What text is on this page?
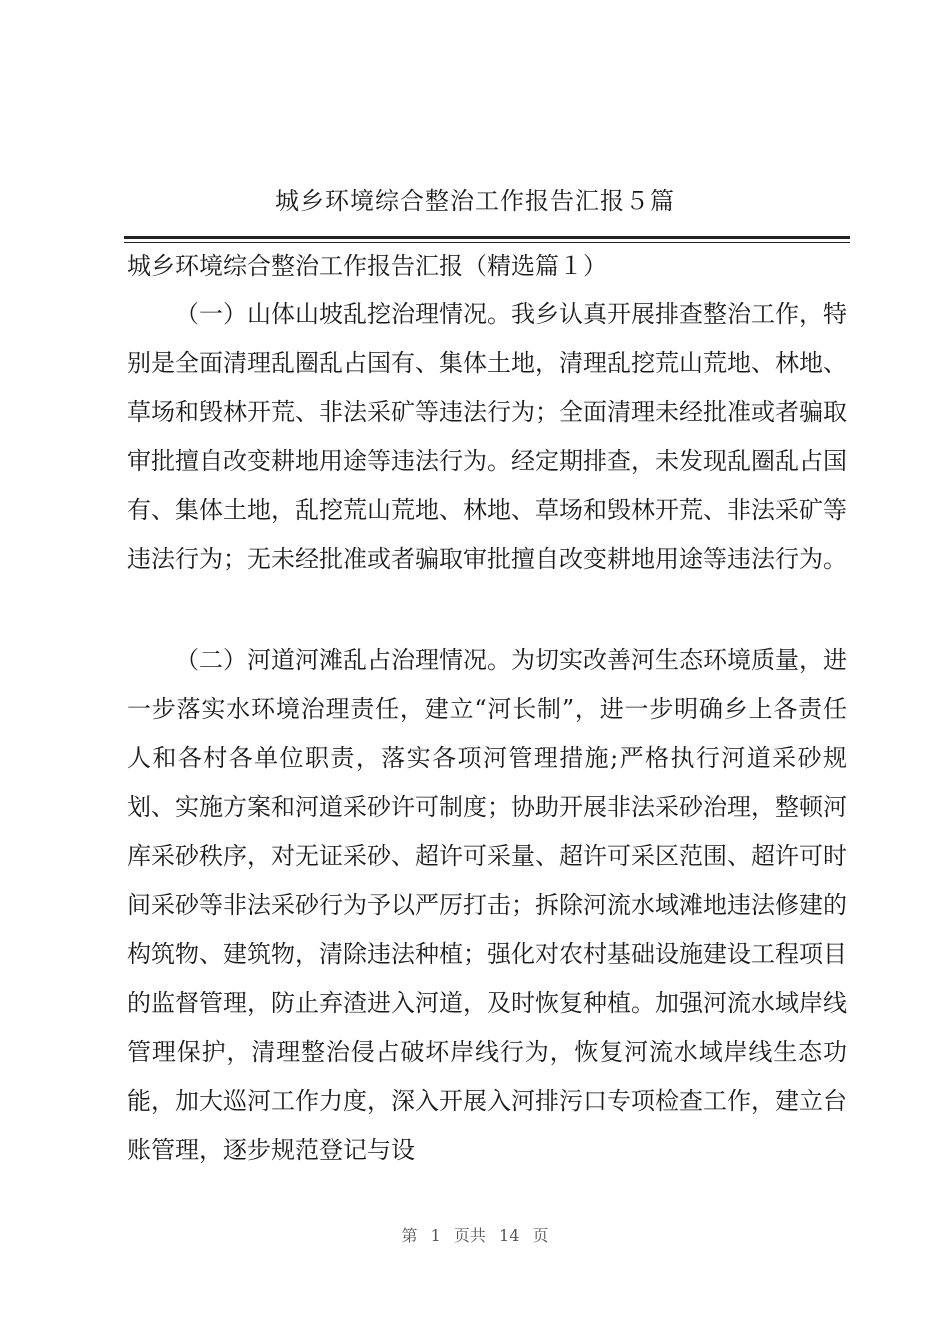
城乡环境综合整治工作报告汇报５篇
城乡环境综合整治工作报告汇报（精选篇１）

（一）山体山坡乱挖治理情况。我乡认真开展排查整治工作，特别是全面清理乱圈乱占国有、集体土地，清理乱挖荒山荒地、林地、草场和毁林开荒、非法采矿等违法行为；全面清理未经批准或者骗取审批擅自改变耕地用途等违法行为。经定期排查，未发现乱圈乱占国有、集体土地，乱挖荒山荒地、林地、草场和毁林开荒、非法采矿等违法行为；无未经批准或者骗取审批擅自改变耕地用途等违法行为。

（二）河道河滩乱占治理情况。为切实改善河生态环境质量，进一步落实水环境治理责任，建立“河长制”，进一步明确乡上各责任人和各村各单位职责，落实各项河管理措施;严格执行河道采砂规划、实施方案和河道采砂许可制度；协助开展非法采砂治理，整顿河库采砂秩序，对无证采砂、超许可采量、超许可采区范围、超许可时间采砂等非法采砂行为予以严厉打击；拆除河流水域滩地违法修建的构筑物、建筑物，清除违法种植；强化对农村基础设施建设工程项目的监督管理，防止弃渣进入河道，及时恢复种植。加强河流水域岸线管理保护，清理整治侵占破坏岸线行为，恢复河流水域岸线生态功能，加大巡河工作力度，深入开展入河排污口专项检查工作，建立台账管理，逐步规范登记与设

第 1 页共 14 页
